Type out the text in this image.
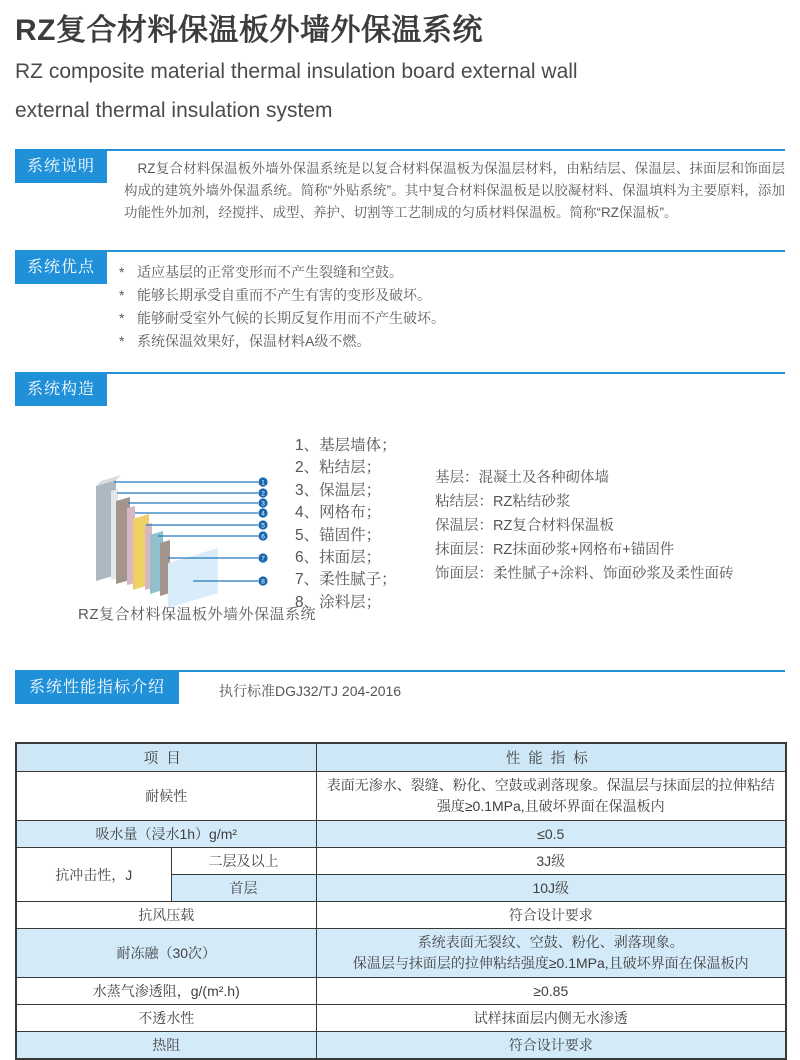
RZ复合材料保温板外墙外保温系统
RZ composite material thermal insulation board external wall
external thermal insulation system
系统说明	RZ复合材料保温板外墙外保温系统是以复合材料保温板为保温层材料，由粘结层、保温层、抹面层和饰面层构成的建筑外墙外保温系统。简称“外贴系统”。其中复合材料保温板是以胶凝材料、保温填料为主要原料，添加功能性外加剂，经搅拌、成型、养护、切割等工艺制成的匀质材料保温板。简称“RZ保温板”。

系统优点	* 适应基层的正常变形而不产生裂缝和空鼓。
* 能够长期承受自重而不产生有害的变形及破坏。
* 能够耐受室外气候的长期反复作用而不产生破坏。
* 系统保温效果好，保温材料A级不燃。
系统构造
1
2
3
4
5
6
7
8
RZ复合材料保温板外墙外保温系统
1、基层墙体；
2、粘结层；
3、保温层；
4、网格布；
5、锚固件；
6、抹面层；
7、柔性腻子；
8、涂料层；
基层：混凝土及各种砌体墙
粘结层：RZ粘结砂浆
保温层：RZ复合材料保温板
抹面层：RZ抹面砂浆+网格布+锚固件
饰面层：柔性腻子+涂料、饰面砂浆及柔性面砖
系统性能指标介绍	执行标准DGJ32/TJ 204-2016
项目		性能指标
耐候性		表面无渗水、裂缝、粉化、空鼓或剥落现象。保温层与抹面层的拉伸粘结强度≥0.1MPa,且破坏界面在保温板内
吸水量（浸水1h）g/m²		≤0.5
抗冲击性，J	二层及以上	3J级
	首层	10J级
抗风压载		符合设计要求
耐冻融（30次）		系统表面无裂纹、空鼓、粉化、剥落现象。
保温层与抹面层的拉伸粘结强度≥0.1MPa,且破坏界面在保温板内

水蒸气渗透阻，g/(m².h)		≥0.85
不透水性		试样抹面层内侧无水渗透
热阻		符合设计要求
